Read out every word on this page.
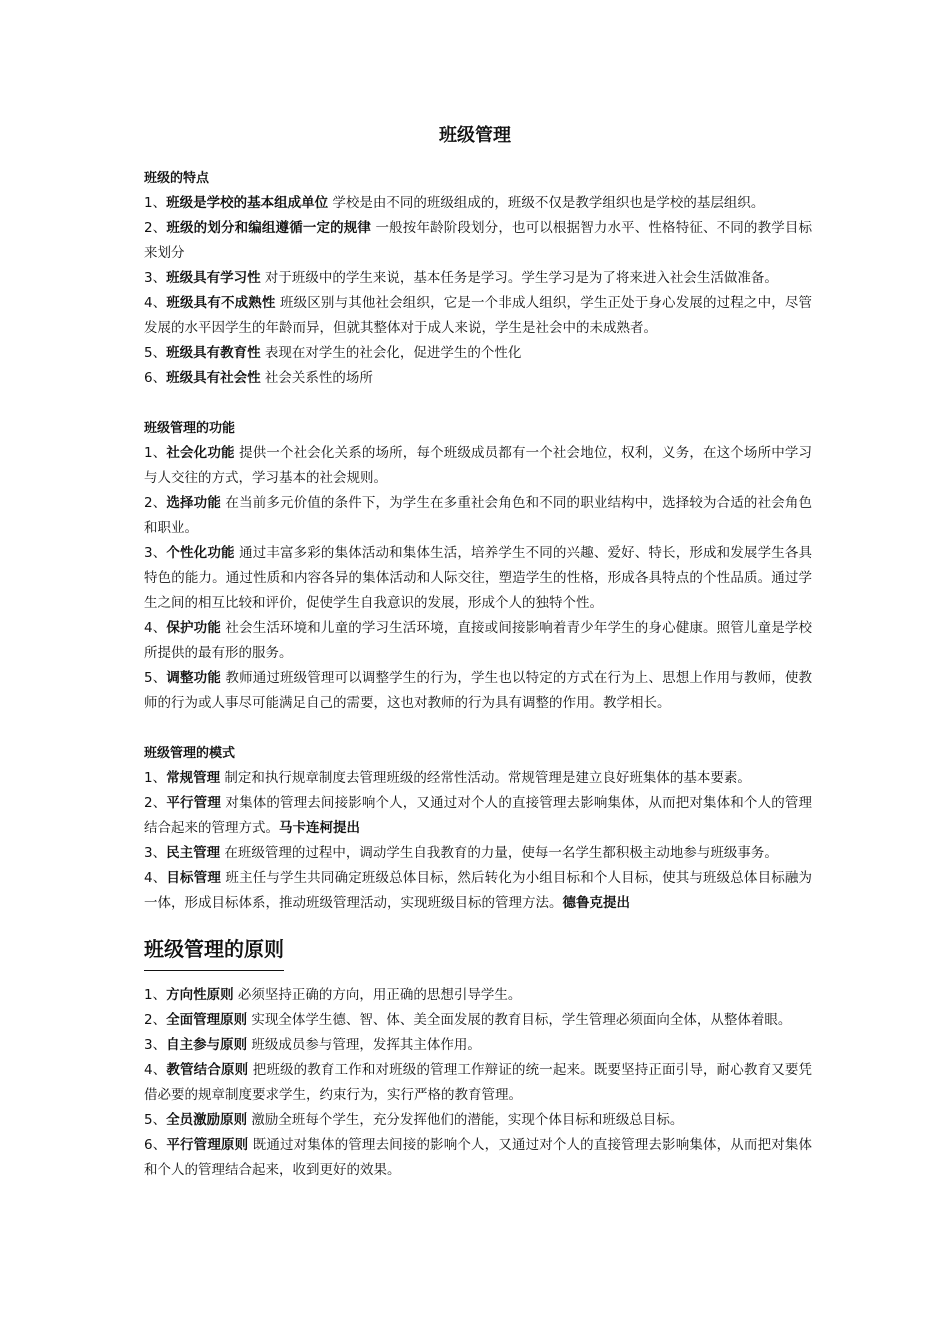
班级管理

班级的特点

1、班级是学校的基本组成单位 学校是由不同的班级组成的，班级不仅是教学组织也是学校的基层组织。

2、班级的划分和编组遵循一定的规律 一般按年龄阶段划分，也可以根据智力水平、性格特征、不同的教学目标来划分

3、班级具有学习性 对于班级中的学生来说，基本任务是学习。学生学习是为了将来进入社会生活做准备。

4、班级具有不成熟性 班级区别与其他社会组织，它是一个非成人组织，学生正处于身心发展的过程之中，尽管发展的水平因学生的年龄而异，但就其整体对于成人来说，学生是社会中的未成熟者。

5、班级具有教育性 表现在对学生的社会化，促进学生的个性化

6、班级具有社会性 社会关系性的场所

班级管理的功能

1、社会化功能 提供一个社会化关系的场所，每个班级成员都有一个社会地位，权利，义务，在这个场所中学习与人交往的方式，学习基本的社会规则。

2、选择功能 在当前多元价值的条件下，为学生在多重社会角色和不同的职业结构中，选择较为合适的社会角色和职业。

3、个性化功能 通过丰富多彩的集体活动和集体生活，培养学生不同的兴趣、爱好、特长，形成和发展学生各具特色的能力。通过性质和内容各异的集体活动和人际交往，塑造学生的性格，形成各具特点的个性品质。通过学生之间的相互比较和评价，促使学生自我意识的发展，形成个人的独特个性。

4、保护功能 社会生活环境和儿童的学习生活环境，直接或间接影响着青少年学生的身心健康。照管儿童是学校所提供的最有形的服务。

5、调整功能 教师通过班级管理可以调整学生的行为，学生也以特定的方式在行为上、思想上作用与教师，使教师的行为或人事尽可能满足自己的需要，这也对教师的行为具有调整的作用。教学相长。

班级管理的模式

1、常规管理 制定和执行规章制度去管理班级的经常性活动。常规管理是建立良好班集体的基本要素。

2、平行管理 对集体的管理去间接影响个人，又通过对个人的直接管理去影响集体，从而把对集体和个人的管理结合起来的管理方式。马卡连柯提出

3、民主管理 在班级管理的过程中，调动学生自我教育的力量，使每一名学生都积极主动地参与班级事务。

4、目标管理 班主任与学生共同确定班级总体目标，然后转化为小组目标和个人目标，使其与班级总体目标融为一体，形成目标体系，推动班级管理活动，实现班级目标的管理方法。德鲁克提出

班级管理的原则

1、方向性原则 必须坚持正确的方向，用正确的思想引导学生。

2、全面管理原则 实现全体学生德、智、体、美全面发展的教育目标，学生管理必须面向全体，从整体着眼。

3、自主参与原则 班级成员参与管理，发挥其主体作用。

4、教管结合原则 把班级的教育工作和对班级的管理工作辩证的统一起来。既要坚持正面引导，耐心教育又要凭借必要的规章制度要求学生，约束行为，实行严格的教育管理。

5、全员激励原则 激励全班每个学生，充分发挥他们的潜能，实现个体目标和班级总目标。

6、平行管理原则 既通过对集体的管理去间接的影响个人，又通过对个人的直接管理去影响集体，从而把对集体和个人的管理结合起来，收到更好的效果。
